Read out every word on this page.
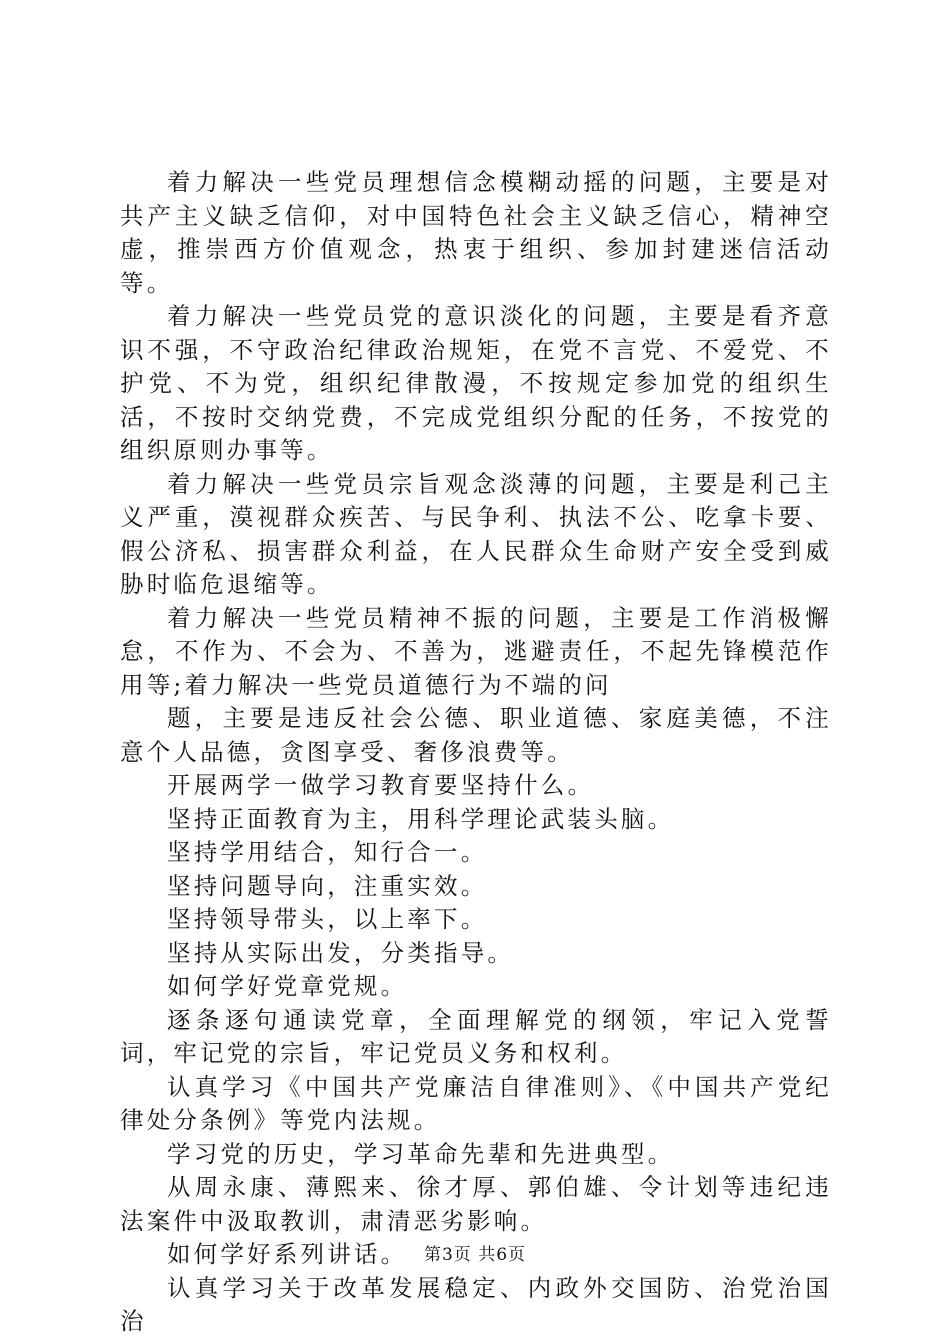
着力解决一些党员理想信念模糊动摇的问题，主要是对共产主义缺乏信仰，对中国特色社会主义缺乏信心，精神空虚，推崇西方价值观念，热衷于组织、参加封建迷信活动等。

着力解决一些党员党的意识淡化的问题，主要是看齐意识不强，不守政治纪律政治规矩，在党不言党、不爱党、不护党、不为党，组织纪律散漫，不按规定参加党的组织生活，不按时交纳党费，不完成党组织分配的任务，不按党的组织原则办事等。

着力解决一些党员宗旨观念淡薄的问题，主要是利己主义严重，漠视群众疾苦、与民争利、执法不公、吃拿卡要、假公济私、损害群众利益，在人民群众生命财产安全受到威胁时临危退缩等。

着力解决一些党员精神不振的问题，主要是工作消极懈怠，不作为、不会为、不善为，逃避责任，不起先锋模范作用等;着力解决一些党员道德行为不端的问

题，主要是违反社会公德、职业道德、家庭美德，不注意个人品德，贪图享受、奢侈浪费等。

开展两学一做学习教育要坚持什么。

坚持正面教育为主，用科学理论武装头脑。

坚持学用结合，知行合一。

坚持问题导向，注重实效。

坚持领导带头，以上率下。

坚持从实际出发，分类指导。

如何学好党章党规。

逐条逐句通读党章，全面理解党的纲领，牢记入党誓词，牢记党的宗旨，牢记党员义务和权利。

认真学习《中国共产党廉洁自律准则》、《中国共产党纪律处分条例》等党内法规。

学习党的历史，学习革命先辈和先进典型。

从周永康、薄熙来、徐才厚、郭伯雄、令计划等违纪违法案件中汲取教训，肃清恶劣影响。

如何学好系列讲话。

认真学习关于改革发展稳定、内政外交国防、治党治国治

第3页 共6页
